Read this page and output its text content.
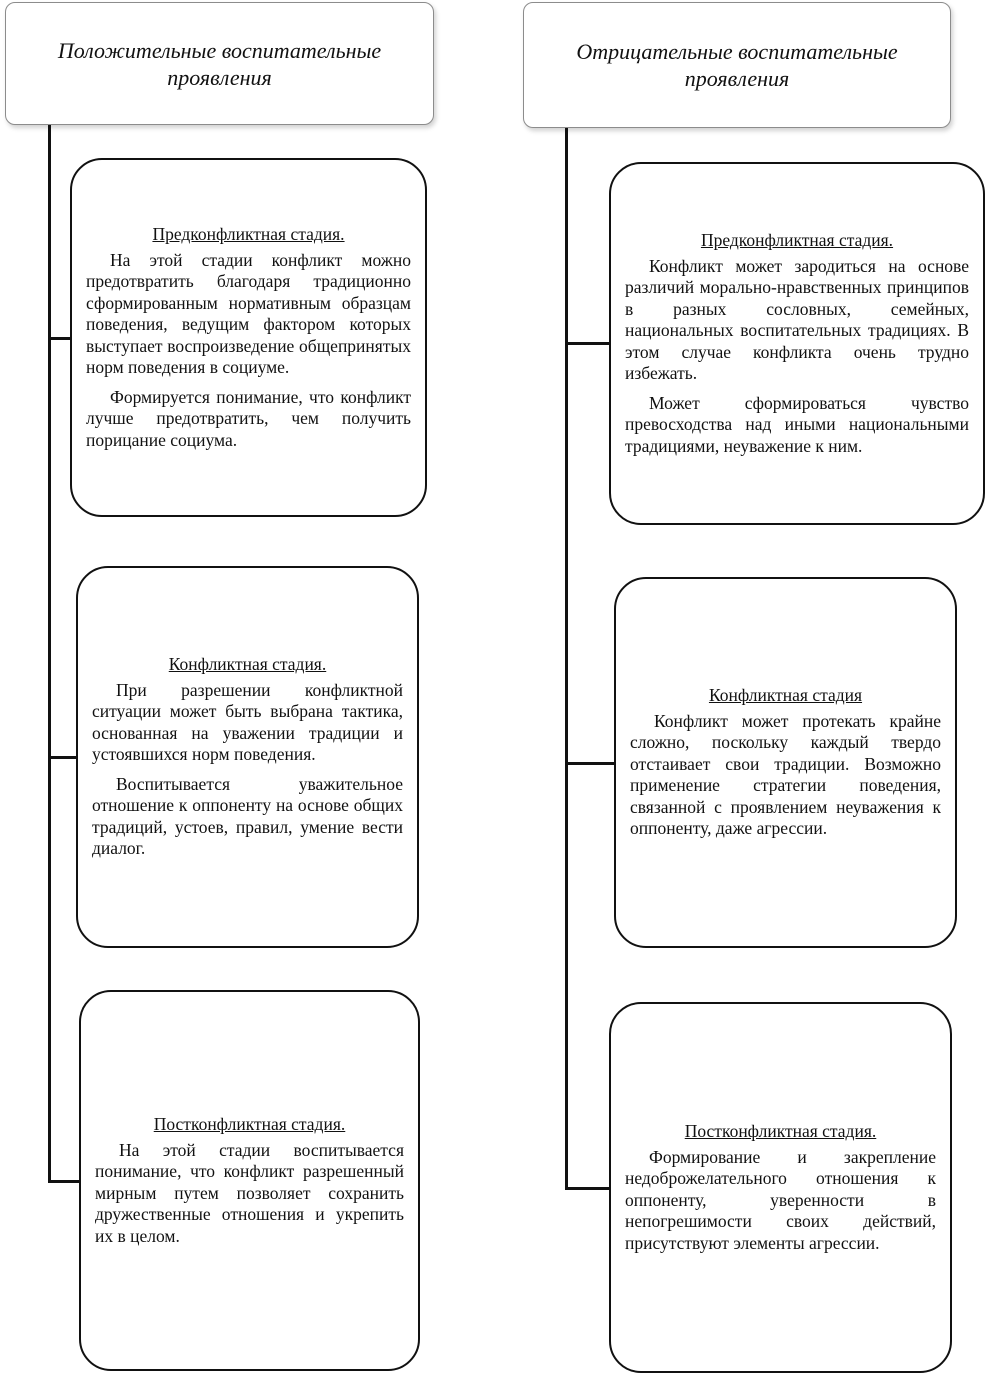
Положительные воспитательные проявления
Отрицательные воспитательные проявления
Предконфликтная стадия.

На этой стадии конфликт можно предотвратить благодаря традиционно сформированным нормативным образцам поведения, ведущим фактором которых выступает воспроизведение общепринятых норм поведения в социуме.

Формируется понимание, что конфликт лучше предотвратить, чем получить порицание социума.

Конфликтная стадия.

При разрешении конфликтной ситуации может быть выбрана тактика, основанная на уважении традиции и устоявшихся норм поведения.

Воспитывается уважительное отношение к оппоненту на основе общих традиций, устоев, правил, умение вести диалог.

Постконфликтная стадия.

На этой стадии воспитывается понимание, что конфликт разрешенный мирным путем позволяет сохранить дружественные отношения и укрепить их в целом.

Предконфликтная стадия.

Конфликт может зародиться на основе различий морально-нравственных принципов в разных сословных, семейных, национальных воспитательных традициях. В этом случае конфликта очень трудно избежать.

Может сформироваться чувство превосходства над иными национальными традициями, неуважение к ним.

Конфликтная стадия

Конфликт может протекать крайне сложно, поскольку каждый твердо отстаивает свои традиции. Возможно применение стратегии поведения, связанной с проявлением неуважения к оппоненту, даже агрессии.

Постконфликтная стадия.

Формирование и закрепление недоброжелательного отношения к оппоненту, уверенности в непогрешимости своих действий, присутствуют элементы агрессии.
